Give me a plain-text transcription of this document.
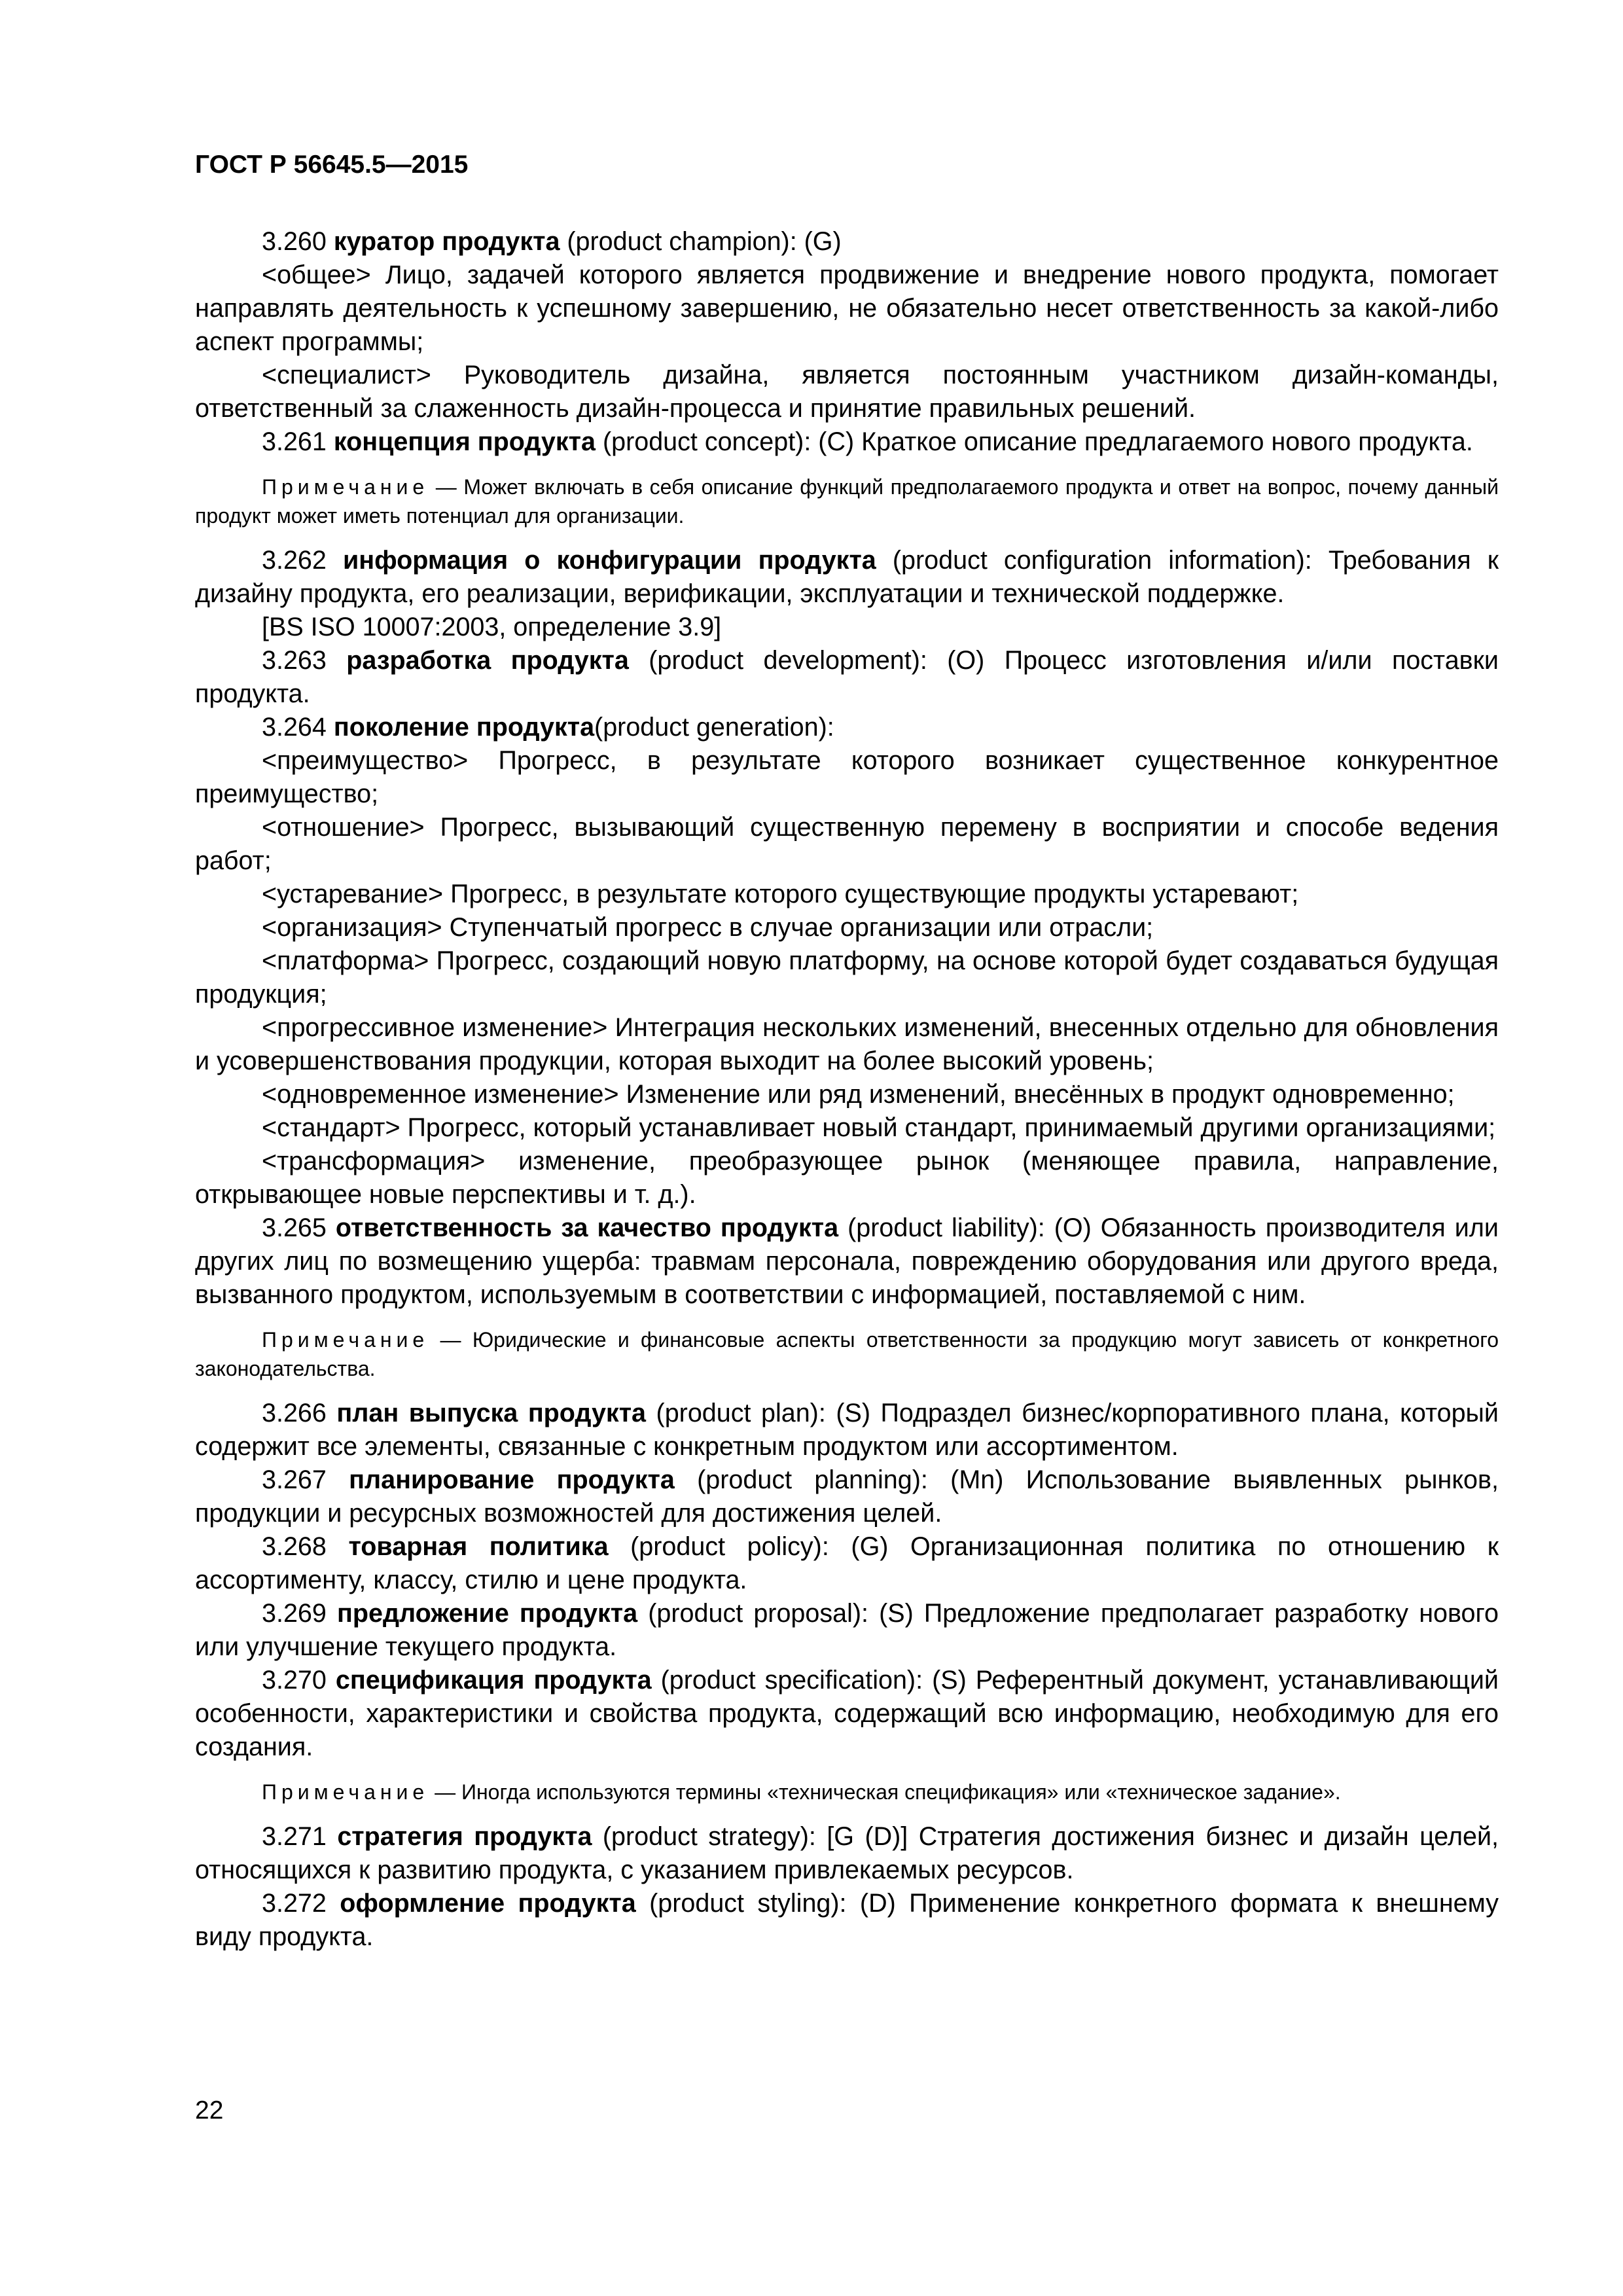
ГОСТ Р 56645.5—2015

3.260 куратор продукта (product champion): (G)

<общее> Лицо, задачей которого является продвижение и внедрение нового продукта, помогает направлять деятельность к успешному завершению, не обязательно несет ответственность за какой-либо аспект программы;

<специалист> Руководитель дизайна, является постоянным участником дизайн-команды, ответственный за слаженность дизайн-процесса и принятие правильных решений.

3.261 концепция продукта (product concept): (C) Краткое описание предлагаемого нового продукта.

Примечание — Может включать в себя описание функций предполагаемого продукта и ответ на вопрос, почему данный продукт может иметь потенциал для организации.

3.262 информация о конфигурации продукта (product configuration information): Требования к дизайну продукта, его реализации, верификации, эксплуатации и технической поддержке.

[BS ISO 10007:2003, определение 3.9]

3.263 разработка продукта (product development): (O) Процесс изготовления и/или поставки продукта.

3.264 поколение продукта(product generation):

<преимущество> Прогресс, в результате которого возникает существенное конкурентное преимущество;

<отношение> Прогресс, вызывающий существенную перемену в восприятии и способе ведения работ;

<устаревание> Прогресс, в результате которого существующие продукты устаревают;

<организация> Ступенчатый прогресс в случае организации или отрасли;

<платформа> Прогресс, создающий новую платформу, на основе которой будет создаваться будущая продукция;

<прогрессивное изменение> Интеграция нескольких изменений, внесенных отдельно для обновления и усовершенствования продукции, которая выходит на более высокий уровень;

<одновременное изменение> Изменение или ряд изменений, внесённых в продукт одновременно;

<стандарт> Прогресс, который устанавливает новый стандарт, принимаемый другими организациями;

<трансформация> изменение, преобразующее рынок (меняющее правила, направление, открывающее новые перспективы и т. д.).

3.265 ответственность за качество продукта (product liability): (O) Обязанность производителя или других лиц по возмещению ущерба: травмам персонала, повреждению оборудования или другого вреда, вызванного продуктом, используемым в соответствии с информацией, поставляемой с ним.

Примечание — Юридические и финансовые аспекты ответственности за продукцию могут зависеть от конкретного законодательства.

3.266 план выпуска продукта (product plan): (S) Подраздел бизнес/корпоративного плана, который содержит все элементы, связанные с конкретным продуктом или ассортиментом.

3.267 планирование продукта (product planning): (Mn) Использование выявленных рынков, продукции и ресурсных возможностей для достижения целей.

3.268 товарная политика (product policy): (G) Организационная политика по отношению к ассортименту, классу, стилю и цене продукта.

3.269 предложение продукта (product proposal): (S) Предложение предполагает разработку нового или улучшение текущего продукта.

3.270 спецификация продукта (product specification): (S) Референтный документ, устанавливающий особенности, характеристики и свойства продукта, содержащий всю информацию, необходимую для его создания.

Примечание — Иногда используются термины «техническая спецификация» или «техническое задание».

3.271 стратегия продукта (product strategy): [G (D)] Стратегия достижения бизнес и дизайн целей, относящихся к развитию продукта, с указанием привлекаемых ресурсов.

3.272 оформление продукта (product styling): (D) Применение конкретного формата к внешнему виду продукта.

22
